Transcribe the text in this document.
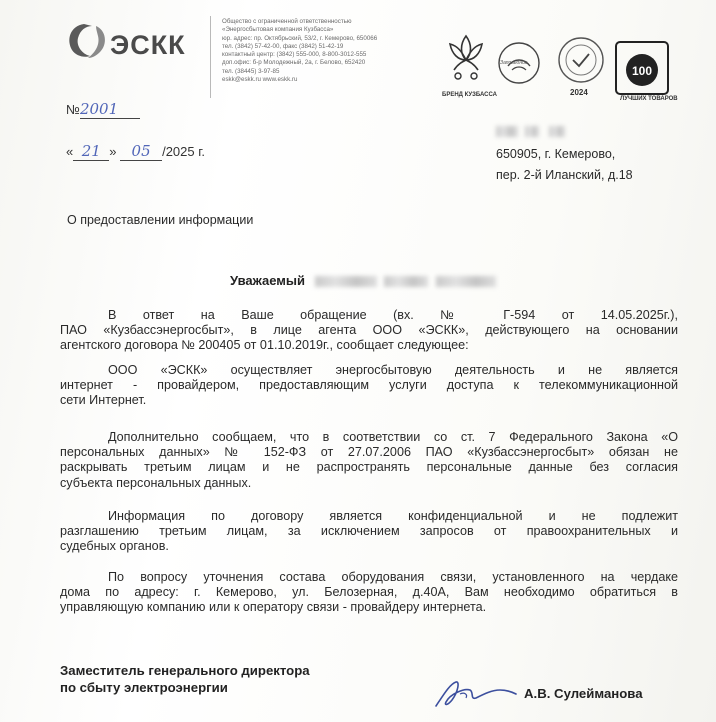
ЭСКК
Общество с ограниченной ответственностью
«Энергосбытовая компания Кузбасса»
юр. адрес: пр. Октябрьский, 53/2, г. Кемерово, 650066
тел. (3842) 57-42-00, факс (3842) 51-42-19
контактный центр: (3842) 555-000, 8-800-3012-555
доп.офис: б-р Молодежный, 2а, г. Белово, 652420
тел. (38445) 3-97-85
eskk@eskk.ru www.eskk.ru
БРЕНД КУЗБАССА
Заповедник
2024
100
ЛУЧШИХ ТОВАРОВ
№2001
« 21 » 05 /2025 г.
	650905, г. Кемерово,
пер. 2-й Иланский, д.18
О предоставлении информации
Уважаемый
В ответ на Ваше обращение (вх. № Г-594 от 14.05.2025г.),
ПАО «Кузбассэнергосбыт», в лице агента ООО «ЭСКК», действующего на основании
агентского договора № 200405 от 01.10.2019г., сообщает следующее:
ООО «ЭСКК» осуществляет энергосбытовую деятельность и не является
интернет - провайдером, предоставляющим услуги доступа к телекоммуникационной
сети Интернет.
Дополнительно сообщаем, что в соответствии со ст. 7 Федерального Закона «О
персональных данных» № 152-ФЗ от 27.07.2006 ПАО «Кузбассэнергосбыт» обязан не
раскрывать третьим лицам и не распространять персональные данные без согласия
субъекта персональных данных.
Информация по договору является конфиденциальной и не подлежит
разглашению третьим лицам, за исключением запросов от правоохранительных и
судебных органов.
По вопросу уточнения состава оборудования связи, установленного на чердаке
дома по адресу: г. Кемерово, ул. Белозерная, д.40А, Вам необходимо обратиться в
управляющую компанию или к оператору связи - провайдеру интернета.
Заместитель генерального директора
по сбыту электроэнергии	А.В. Сулейманова
